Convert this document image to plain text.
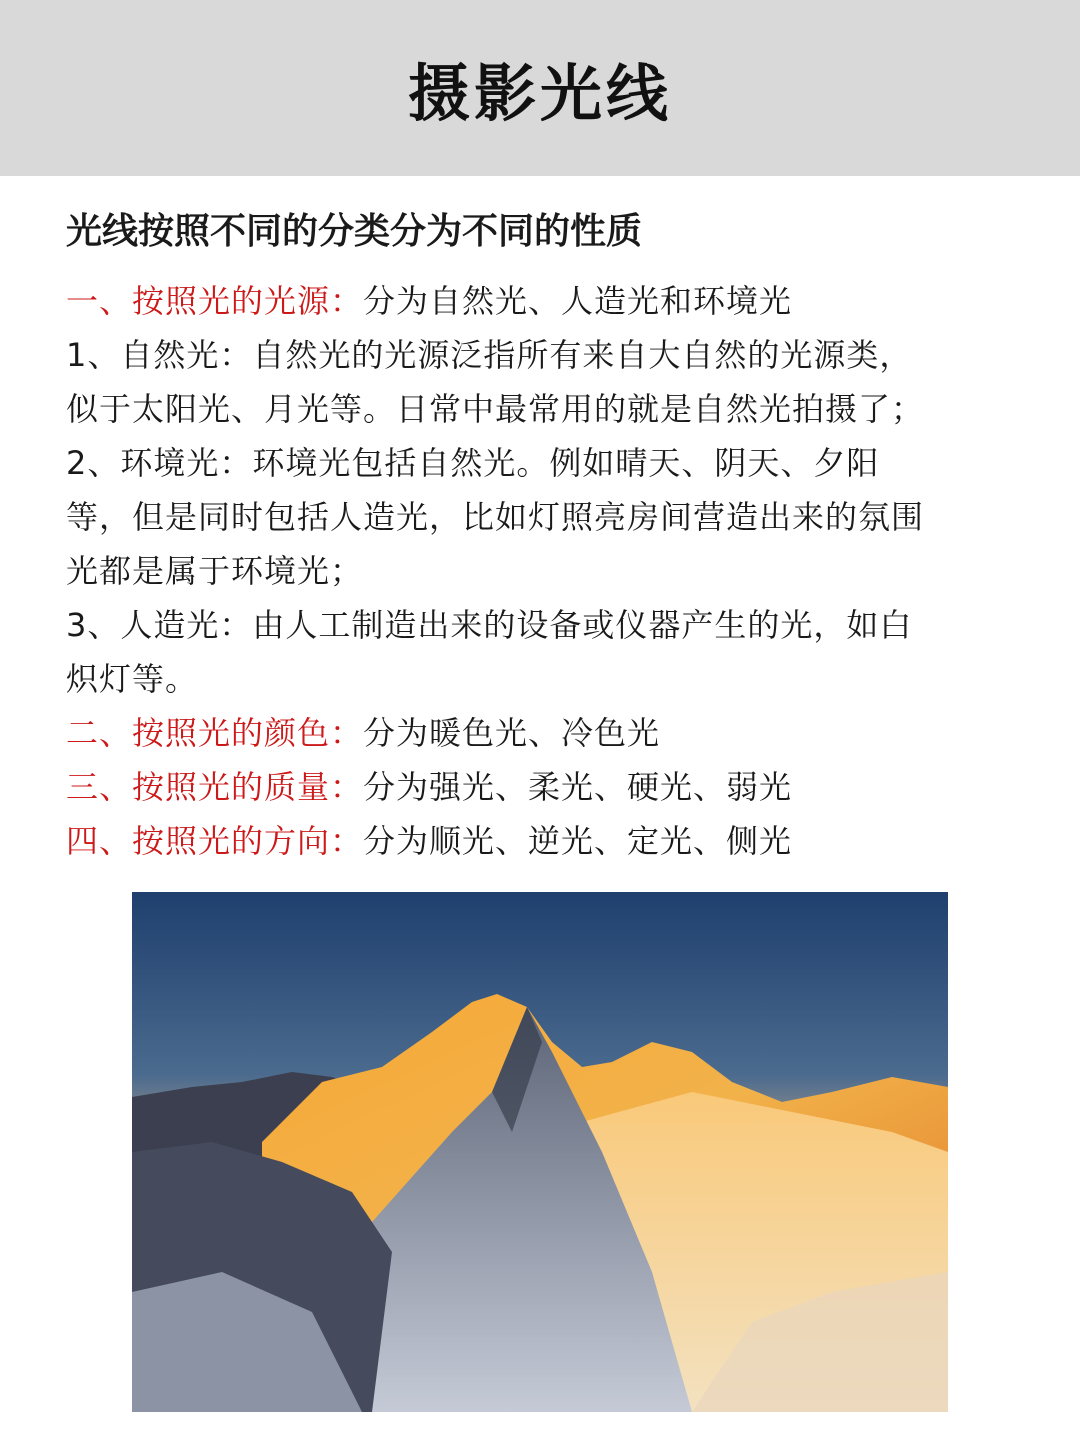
摄影光线

光线按照不同的分类分为不同的性质

一、按照光的光源：分为自然光、人造光和环境光

1、自然光：自然光的光源泛指所有来自大自然的光源类，

似于太阳光、月光等。日常中最常用的就是自然光拍摄了；

2、环境光：环境光包括自然光。例如晴天、阴天、夕阳

等，但是同时包括人造光，比如灯照亮房间营造出来的氛围

光都是属于环境光；

3、人造光：由人工制造出来的设备或仪器产生的光，如白

炽灯等。

二、按照光的颜色：分为暖色光、冷色光

三、按照光的质量：分为强光、柔光、硬光、弱光

四、按照光的方向：分为顺光、逆光、定光、侧光
